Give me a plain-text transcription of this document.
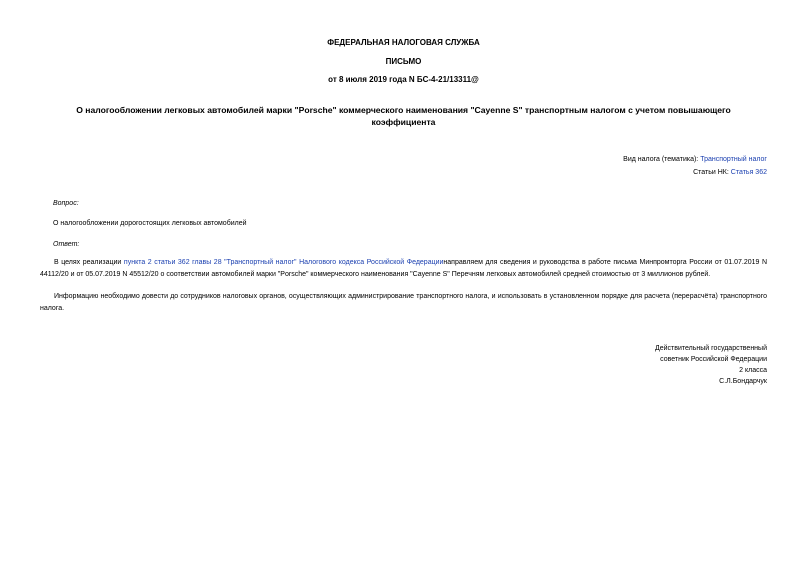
ФЕДЕРАЛЬНАЯ НАЛОГОВАЯ СЛУЖБА
ПИСЬМО
от 8 июля 2019 года N БС-4-21/13311@
О налогообложении легковых автомобилей марки "Porsche" коммерческого наименования "Cayenne S" транспортным налогом с учетом повышающего
коэффициента
Вид налога (тематика): Транспортный налог
Статьи НК: Статья 362
Вопрос:
О налогообложении дорогостоящих легковых автомобилей
Ответ:
В целях реализации пункта 2 статьи 362 главы 28 "Транспортный налог" Налогового кодекса Российской Федерациинаправляем для сведения и руководства в работе письма Минпромторга России от 01.07.2019 N 44112/20 и от 05.07.2019 N 45512/20 о соответствии автомобилей марки "Porsche" коммерческого наименования "Cayenne S" Перечням легковых автомобилей средней стоимостью от 3 миллионов рублей.
Информацию необходимо довести до сотрудников налоговых органов, осуществляющих администрирование транспортного налога, и использовать в установленном порядке для расчета (перерасчёта) транспортного налога.
Действительный государственный
советник Российской Федерации
2 класса
С.Л.Бондарчук
